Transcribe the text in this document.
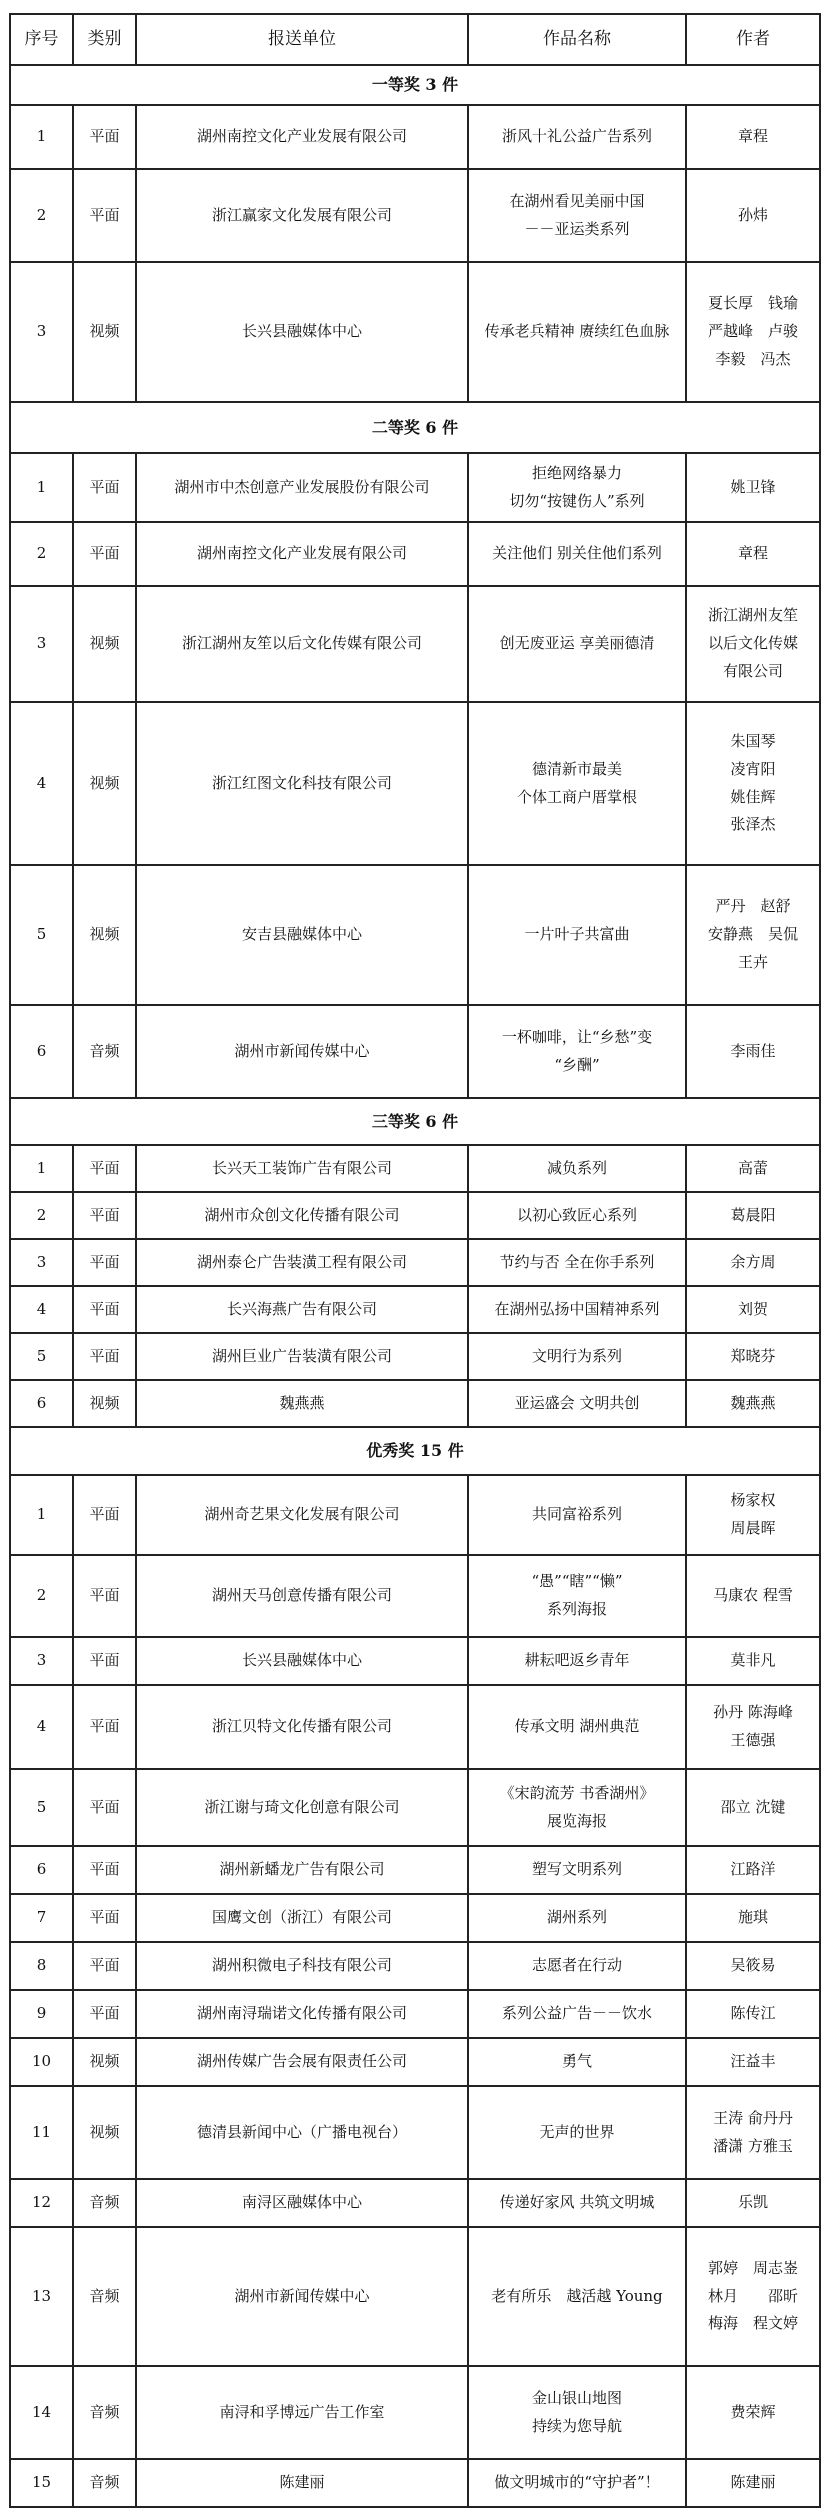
序号	类别	报送单位	作品名称	作者
一等奖 3 件				
1	平面	湖州南控文化产业发展有限公司	浙风十礼公益广告系列	章程
2	平面	浙江赢家文化发展有限公司	在湖州看见美丽中国
－－亚运类系列	孙炜
3	视频	长兴县融媒体中心	传承老兵精神 赓续红色血脉	夏长厚　钱瑜
严越峰　卢骏
李毅　冯杰
二等奖 6 件				
1	平面	湖州市中杰创意产业发展股份有限公司	拒绝网络暴力
切勿“按键伤人”系列	姚卫锋
2	平面	湖州南控文化产业发展有限公司	关注他们 别关住他们系列	章程
3	视频	浙江湖州友笙以后文化传媒有限公司	创无废亚运 享美丽德清	浙江湖州友笙
以后文化传媒
有限公司
4	视频	浙江红图文化科技有限公司	德清新市最美
个体工商户厝掌根	朱国琴
凌宵阳
姚佳辉
张泽杰
5	视频	安吉县融媒体中心	一片叶子共富曲	严丹　赵舒
安静燕　吴侃
王卉
6	音频	湖州市新闻传媒中心	一杯咖啡，让“乡愁”变
“乡酬”	李雨佳
三等奖 6 件				
1	平面	长兴天工装饰广告有限公司	减负系列	高蕾
2	平面	湖州市众创文化传播有限公司	以初心致匠心系列	葛晨阳
3	平面	湖州泰仑广告装潢工程有限公司	节约与否 全在你手系列	余方周
4	平面	长兴海燕广告有限公司	在湖州弘扬中国精神系列	刘贺
5	平面	湖州巨业广告装潢有限公司	文明行为系列	郑晓芬
6	视频	魏燕燕	亚运盛会 文明共创	魏燕燕
优秀奖 15 件				
1	平面	湖州奇艺果文化发展有限公司	共同富裕系列	杨家权
周晨晖
2	平面	湖州天马创意传播有限公司	“愚”“瞎”“懒”
系列海报	马康农 程雪
3	平面	长兴县融媒体中心	耕耘吧返乡青年	莫非凡
4	平面	浙江贝特文化传播有限公司	传承文明 湖州典范	孙丹 陈海峰
王德强
5	平面	浙江谢与琦文化创意有限公司	《宋韵流芳 书香湖州》
展览海报	邵立 沈键
6	平面	湖州新蟠龙广告有限公司	塑写文明系列	江路洋
7	平面	国鹰文创（浙江）有限公司	湖州系列	施琪
8	平面	湖州积微电子科技有限公司	志愿者在行动	吴筱易
9	平面	湖州南浔瑞诺文化传播有限公司	系列公益广告－－饮水	陈传江
10	视频	湖州传媒广告会展有限责任公司	勇气	汪益丰
11	视频	德清县新闻中心（广播电视台）	无声的世界	王涛 俞丹丹
潘潇 方雅玉
12	音频	南浔区融媒体中心	传递好家风 共筑文明城	乐凯
13	音频	湖州市新闻传媒中心	老有所乐　越活越 Young	郭婷　周志崟
林月　　邵昕
梅海　程文婷
14	音频	南浔和孚博远广告工作室	金山银山地图
持续为您导航	费荣辉
15	音频	陈建丽	做文明城市的“守护者”！	陈建丽
